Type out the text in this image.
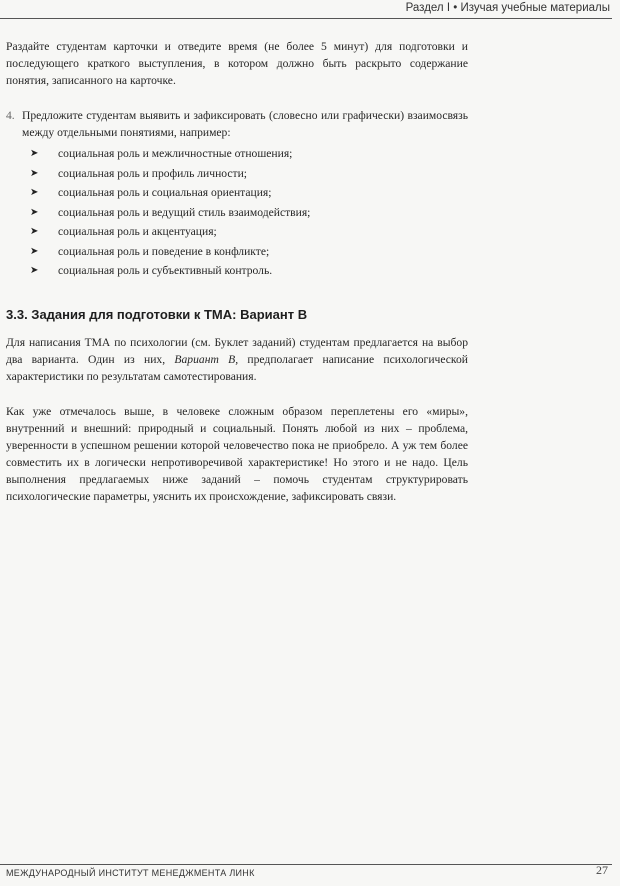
Раздел I • Изучая учебные материалы

Раздайте студентам карточки и отведите время (не более 5 минут) для подготовки и последующего краткого выступления, в котором должно быть раскрыто содержание понятия, записанного на карточке.

4. Предложите студентам выявить и зафиксировать (словесно или графически) взаимосвязь между отдельными понятиями, например:

➤ социальная роль и межличностные отношения;
➤ социальная роль и профиль личности;
➤ социальная роль и социальная ориентация;
➤ социальная роль и ведущий стиль взаимодействия;
➤ социальная роль и акцентуация;
➤ социальная роль и поведение в конфликте;
➤ социальная роль и субъективный контроль.
3.3. Задания для подготовки к ТМА: Вариант В

Для написания ТМА по психологии (см. Буклет заданий) студентам предлагается на выбор два варианта. Один из них, Вариант В, предполагает написание психологической характеристики по результатам самотестирования.

Как уже отмечалось выше, в человеке сложным образом переплетены его «миры», внутренний и внешний: природный и социальный. Понять любой из них – проблема, уверенности в успешном решении которой человечество пока не приобрело. А уж тем более совместить их в логически непротиворечивой характеристике! Но этого и не надо. Цель выполнения предлагаемых ниже заданий – помочь студентам структурировать психологические параметры, уяснить их происхождение, зафиксировать связи.

МЕЖДУНАРОДНЫЙ ИНСТИТУТ МЕНЕДЖМЕНТА ЛИНК	27
